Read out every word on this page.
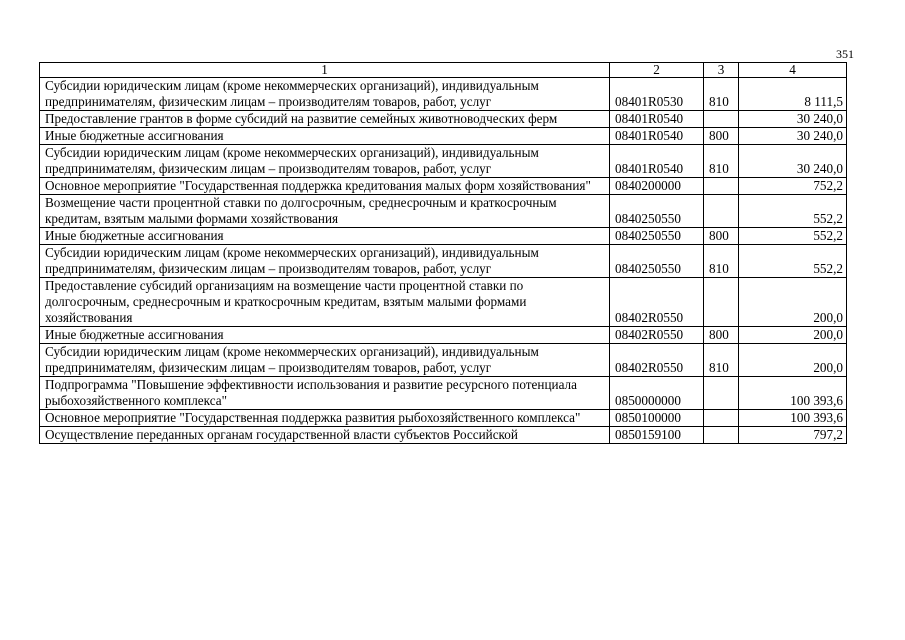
351
1	2	3	4
Субсидии юридическим лицам (кроме некоммерческих организаций), индивидуальным предпринимателям, физическим лицам – производителям товаров, работ, услуг	08401R0530	810	8 111,5
Предоставление грантов в форме субсидий на развитие семейных животноводческих ферм	08401R0540		30 240,0
Иные бюджетные ассигнования	08401R0540	800	30 240,0
Субсидии юридическим лицам (кроме некоммерческих организаций), индивидуальным предпринимателям, физическим лицам – производителям товаров, работ, услуг	08401R0540	810	30 240,0
Основное мероприятие "Государственная поддержка кредитования малых форм хозяйствования"	0840200000		752,2
Возмещение части процентной ставки по долгосрочным, среднесрочным и краткосрочным кредитам, взятым малыми формами хозяйствования	0840250550		552,2
Иные бюджетные ассигнования	0840250550	800	552,2
Субсидии юридическим лицам (кроме некоммерческих организаций), индивидуальным предпринимателям, физическим лицам – производителям товаров, работ, услуг	0840250550	810	552,2
Предоставление субсидий организациям на возмещение части процентной ставки по долгосрочным, среднесрочным и краткосрочным кредитам, взятым малыми формами хозяйствования	08402R0550		200,0
Иные бюджетные ассигнования	08402R0550	800	200,0
Субсидии юридическим лицам (кроме некоммерческих организаций), индивидуальным предпринимателям, физическим лицам – производителям товаров, работ, услуг	08402R0550	810	200,0
Подпрограмма "Повышение эффективности использования и развитие ресурсного потенциала рыбохозяйственного комплекса"	0850000000		100 393,6
Основное мероприятие "Государственная поддержка развития рыбохозяйственного комплекса"	0850100000		100 393,6
Осуществление переданных органам государственной власти субъектов Российской	0850159100		797,2
